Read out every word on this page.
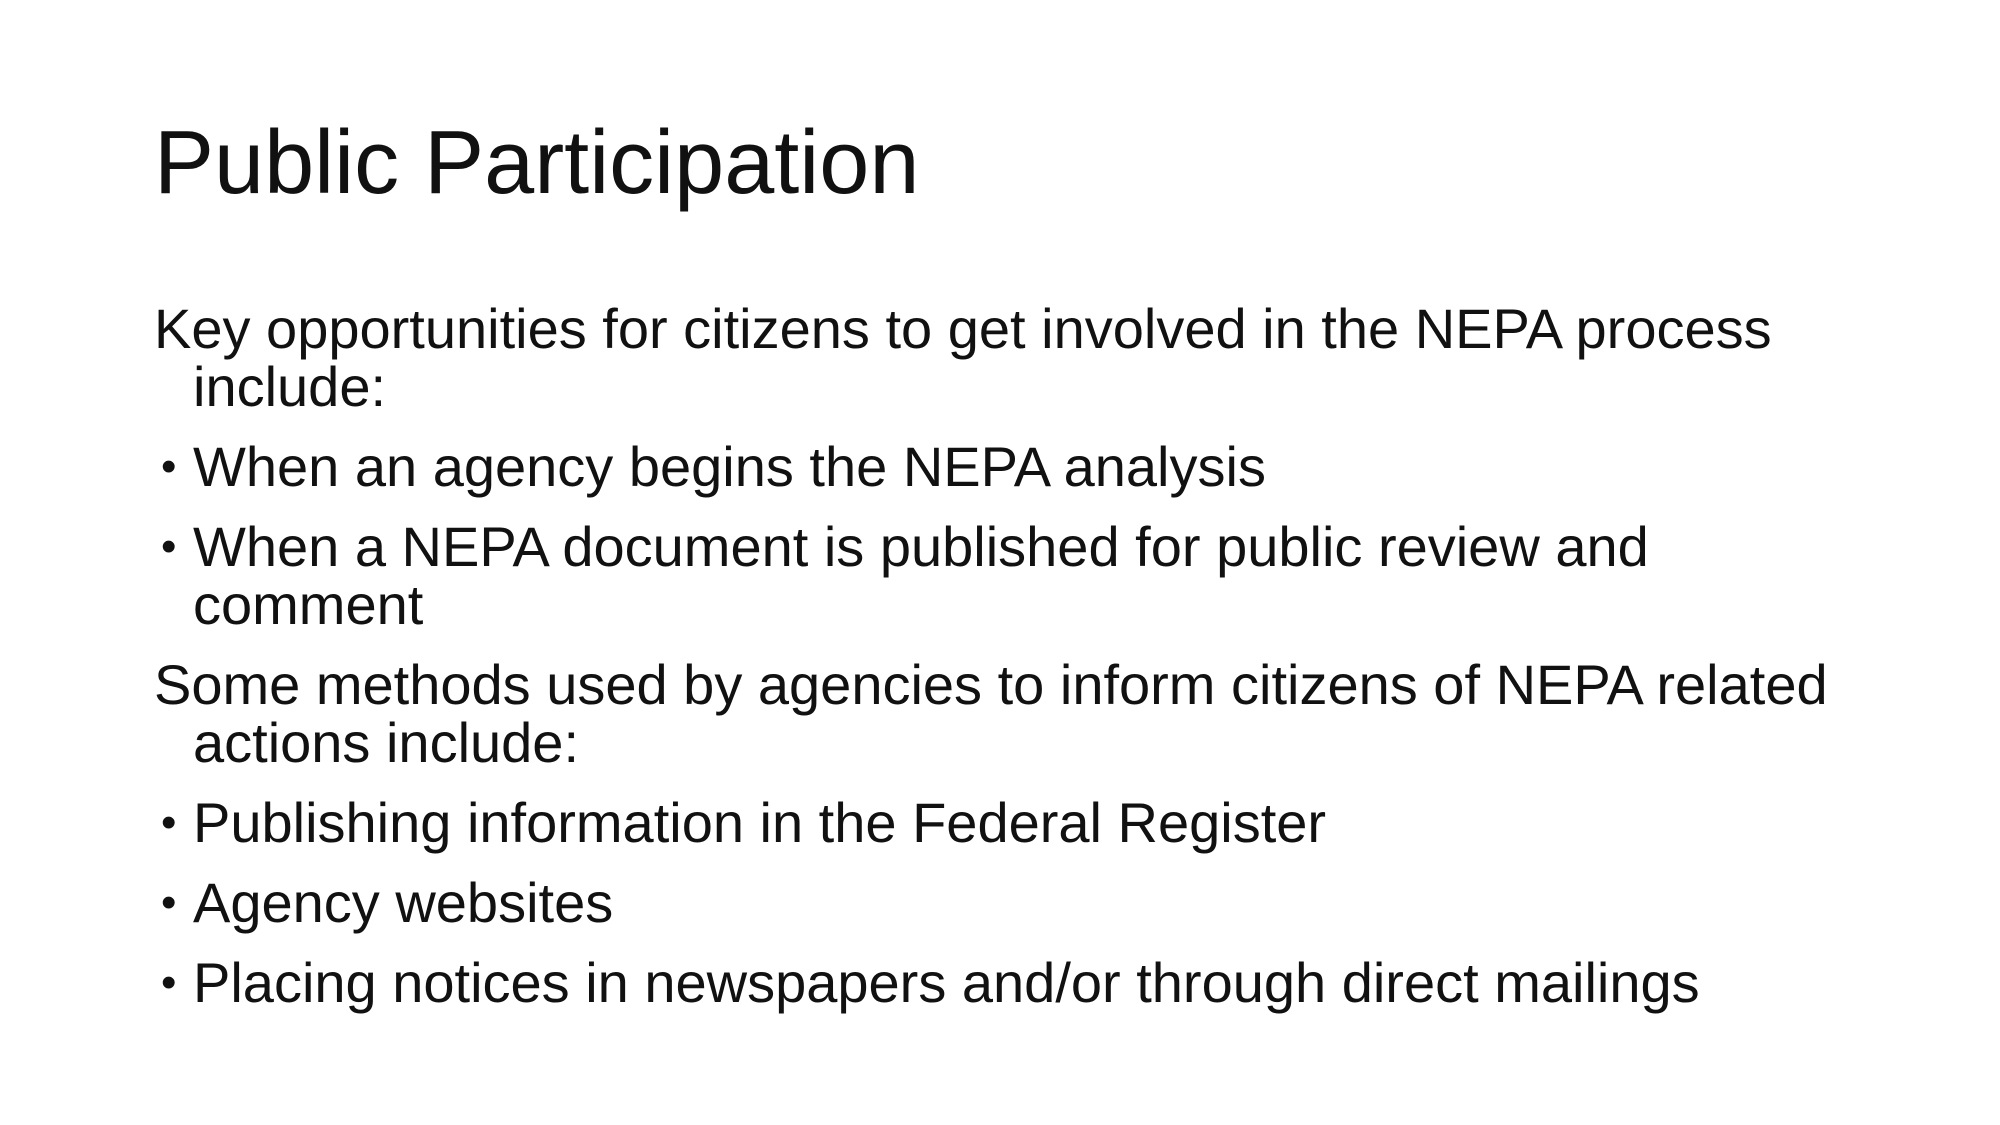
Public Participation
Key opportunities for citizens to get involved in the NEPA process include:
• When an agency begins the NEPA analysis
• When a NEPA document is published for public review and comment
Some methods used by agencies to inform citizens of NEPA related actions include:
• Publishing information in the Federal Register
• Agency websites
• Placing notices in newspapers and/or through direct mailings
